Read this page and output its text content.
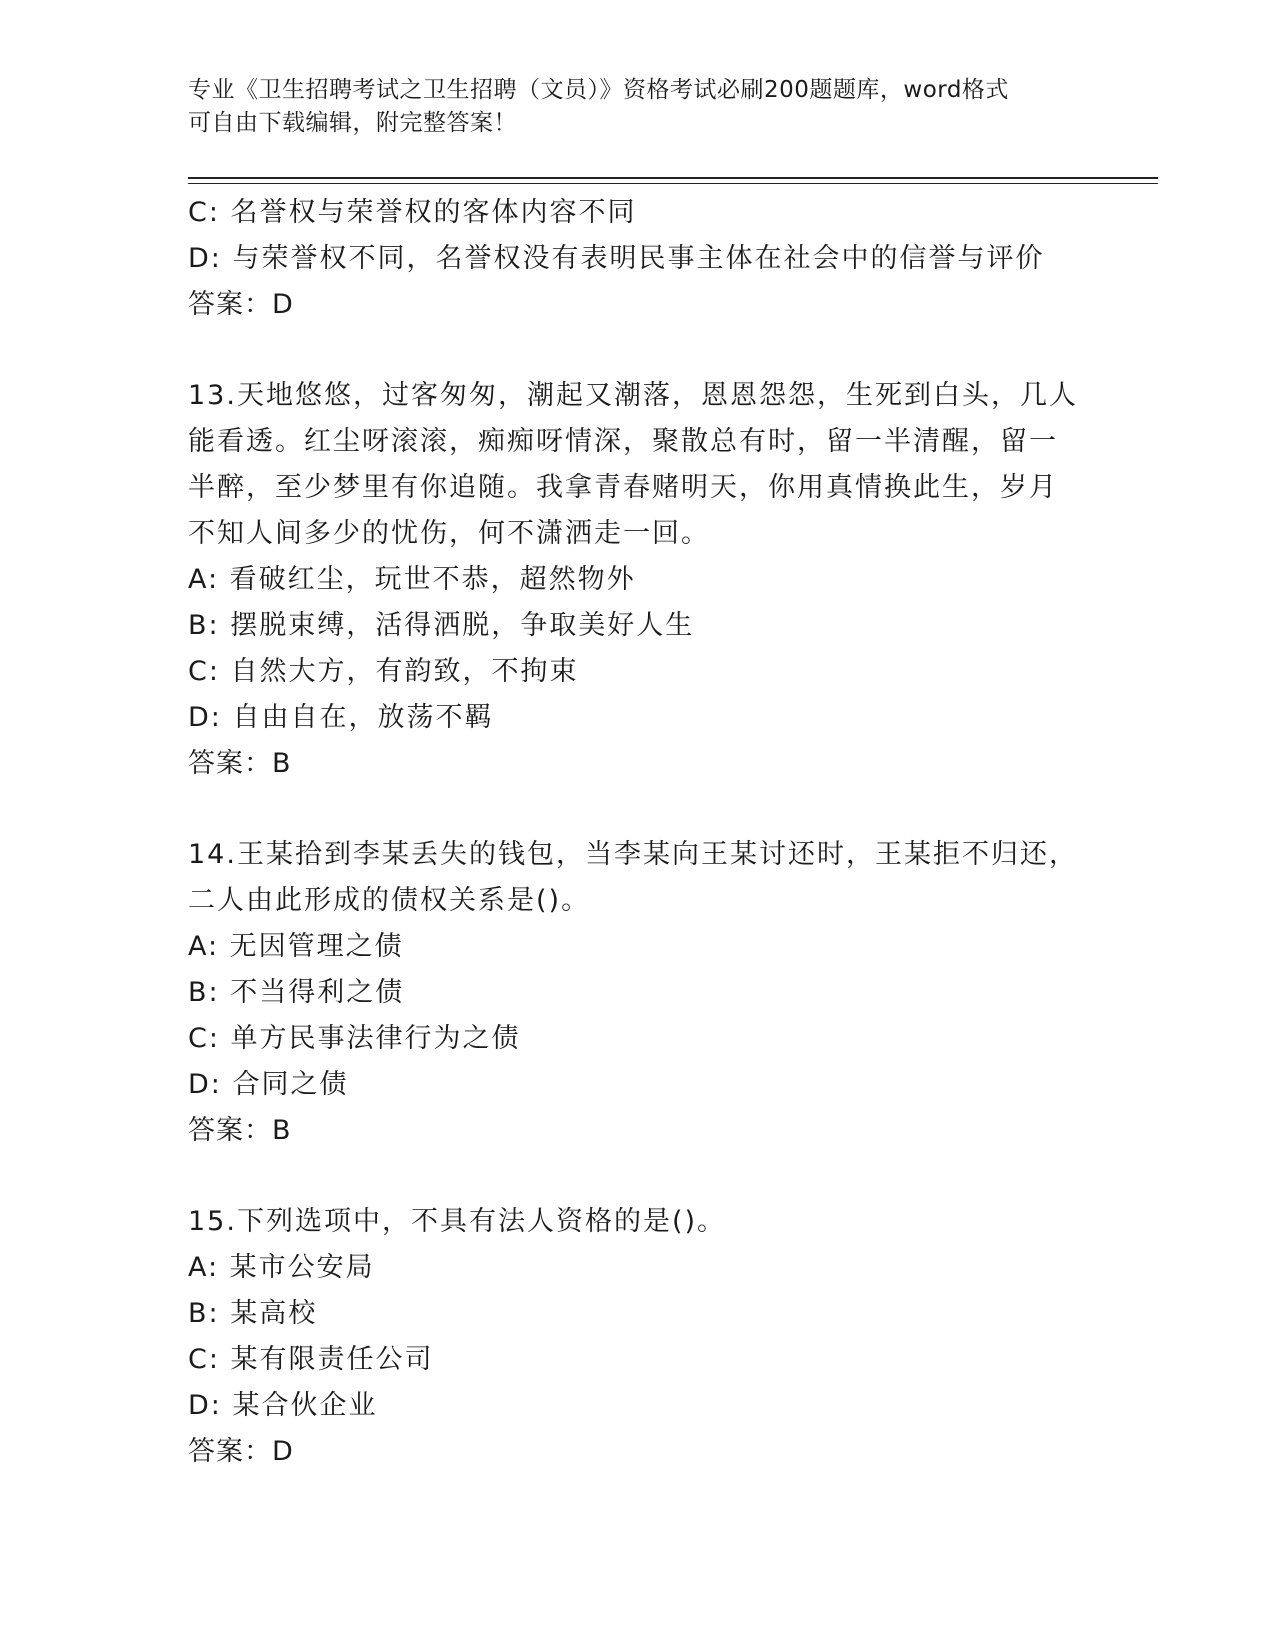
专业《卫生招聘考试之卫生招聘（文员）》资格考试必刷200题题库，word格式
可自由下载编辑，附完整答案！
C: 名誉权与荣誉权的客体内容不同
D: 与荣誉权不同，名誉权没有表明民事主体在社会中的信誉与评价
答案：D
13.天地悠悠，过客匆匆，潮起又潮落，恩恩怨怨，生死到白头，几人
能看透。红尘呀滚滚，痴痴呀情深，聚散总有时，留一半清醒，留一
半醉，至少梦里有你追随。我拿青春赌明天，你用真情换此生，岁月
不知人间多少的忧伤，何不潇洒走一回。
A: 看破红尘，玩世不恭，超然物外
B: 摆脱束缚，活得洒脱，争取美好人生
C: 自然大方，有韵致，不拘束
D: 自由自在，放荡不羁
答案：B
14.王某拾到李某丢失的钱包，当李某向王某讨还时，王某拒不归还，
二人由此形成的债权关系是()。
A: 无因管理之债
B: 不当得利之债
C: 单方民事法律行为之债
D: 合同之债
答案：B
15.下列选项中，不具有法人资格的是()。
A: 某市公安局
B: 某高校
C: 某有限责任公司
D: 某合伙企业
答案：D
